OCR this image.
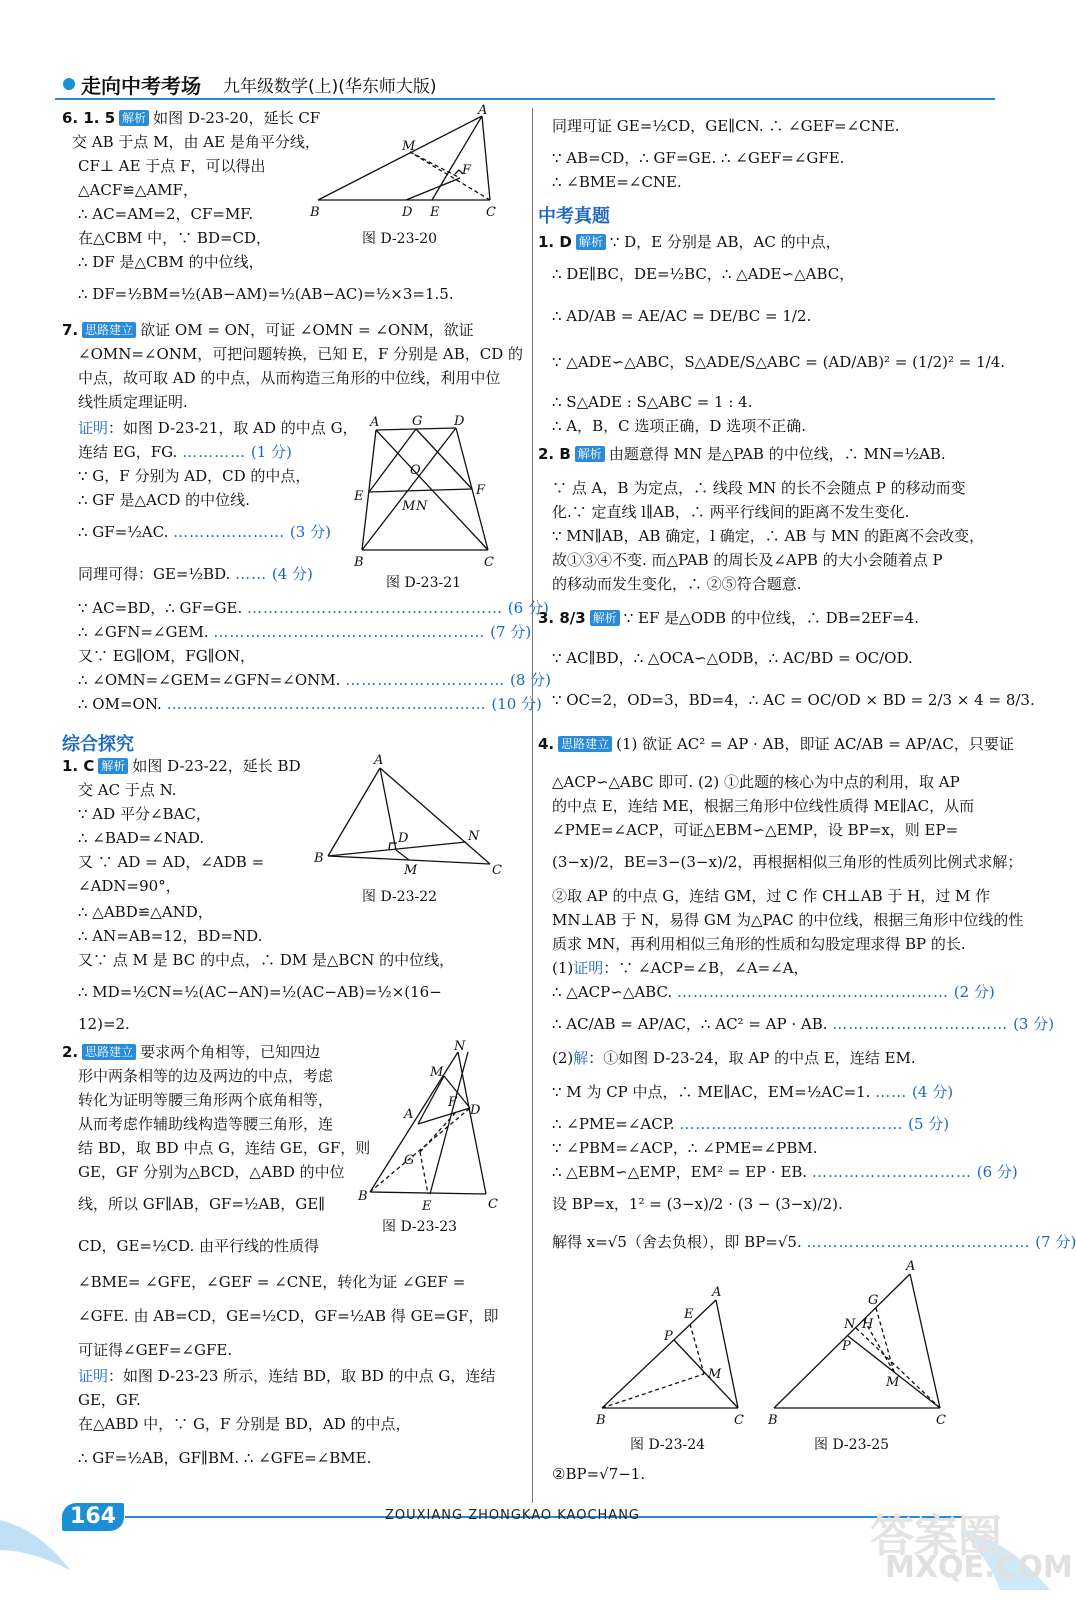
走向中考考场 九年级数学(上)(华东师大版)
6. 1. 5 解析 如图 D-23-20，延长 CF
交 AB 于点 M，由 AE 是角平分线，
CF⊥ AE 于点 F，可以得出
△ACF≌△AMF，
∴ AC=AM=2，CF=MF.
在△CBM 中，∵ BD=CD，
∴ DF 是△CBM 的中位线，
∴ DF=½BM=½(AB−AM)=½(AB−AC)=½×3=1.5.
B	D E	C
A
M
F
图 D-23-20
7. 思路建立 欲证 OM = ON，可证 ∠OMN = ∠ONM，欲证
∠OMN=∠ONM，可把问题转换，已知 E，F 分别是 AB，CD 的
中点，故可取 AD 的中点，从而构造三角形的中位线，利用中位
线性质定理证明.
证明：如图 D-23-21，取 AD 的中点 G，
连结 EG，FG. ………… (1 分)
∵ G，F 分别为 AD，CD 的中点，
∴ GF 是△ACD 的中位线.
∴ GF=½AC. ………………… (3 分)
同理可得：GE=½BD. …… (4 分)
A	G D
E	F
O
M N
B	C
图 D-23-21
∵ AC=BD，∴ GF=GE. ………………………………………… (6 分)
∴ ∠GFN=∠GEM. …………………………………………… (7 分)
又∵ EG∥OM，FG∥ON，
∴ ∠OMN=∠GEM=∠GFN=∠ONM. ………………………… (8 分)
∴ OM=ON. …………………………………………………… (10 分)
综合探究
1. C 解析 如图 D-23-22，延长 BD
交 AC 于点 N.
∵ AD 平分∠BAC，
∴ ∠BAD=∠NAD.
又 ∵ AD = AD，∠ADB =
∠ADN=90°，
A
B
C
D	N
M
图 D-23-22
∴ △ABD≌△AND，
∴ AN=AB=12，BD=ND.
又∵ 点 M 是 BC 的中点，∴ DM 是△BCN 的中位线，
∴ MD=½CN=½(AC−AN)=½(AC−AB)=½×(16−
12)=2.
2. 思路建立 要求两个角相等，已知四边
形中两条相等的边及两边的中点，考虑
转化为证明等腰三角形两个底角相等，
从而考虑作辅助线构造等腰三角形，连
结 BD，取 BD 中点 G，连结 GE，GF，则
GE，GF 分别为△BCD，△ABD 的中位
线，所以 GF∥AB，GF=½AB，GE∥
N
M
A	D
F
G
B
E	C
图 D-23-23
CD，GE=½CD. 由平行线的性质得
∠BME= ∠GFE，∠GEF = ∠CNE，转化为证 ∠GEF =
∠GFE. 由 AB=CD，GE=½CD，GF=½AB 得 GE=GF，即
可证得∠GEF=∠GFE.
证明：如图 D-23-23 所示，连结 BD，取 BD 的中点 G，连结
GE，GF.
在△ABD 中，∵ G，F 分别是 BD，AD 的中点，
∴ GF=½AB，GF∥BM. ∴ ∠GFE=∠BME.
同理可证 GE=½CD，GE∥CN. ∴ ∠GEF=∠CNE.
∵ AB=CD，∴ GF=GE. ∴ ∠GEF=∠GFE.
∴ ∠BME=∠CNE.
中考真题
1. D 解析 ∵ D，E 分别是 AB，AC 的中点，
∴ DE∥BC，DE=½BC，∴ △ADE∽△ABC，
∴ AD/AB = AE/AC = DE/BC = 1/2.
∵ △ADE∽△ABC，S△ADE/S△ABC = (AD/AB)² = (1/2)² = 1/4.
∴ S△ADE : S△ABC = 1 : 4.
∴ A，B，C 选项正确，D 选项不正确.
2. B 解析 由题意得 MN 是△PAB 的中位线，∴ MN=½AB.
∵ 点 A，B 为定点，∴ 线段 MN 的长不会随点 P 的移动而变
化.∵ 定直线 l∥AB，∴ 两平行线间的距离不发生变化.
∵ MN∥AB，AB 确定，l 确定，∴ AB 与 MN 的距离不会改变，
故①③④不变. 而△PAB 的周长及∠APB 的大小会随着点 P
的移动而发生变化，∴ ②⑤符合题意.
3. 8/3 解析 ∵ EF 是△ODB 的中位线，∴ DB=2EF=4.
∵ AC∥BD，∴ △OCA∽△ODB，∴ AC/BD = OC/OD.
∵ OC=2，OD=3，BD=4，∴ AC = OC/OD × BD = 2/3 × 4 = 8/3.
4. 思路建立 (1) 欲证 AC² = AP · AB，即证 AC/AB = AP/AC，只要证
△ACP∽△ABC 即可. (2) ①此题的核心为中点的利用，取 AP
的中点 E，连结 ME，根据三角形中位线性质得 ME∥AC，从而
∠PME=∠ACP，可证△EBM∽△EMP，设 BP=x，则 EP=
(3−x)/2，BE=3−(3−x)/2，再根据相似三角形的性质列比例式求解；
②取 AP 的中点 G，连结 GM，过 C 作 CH⊥AB 于 H，过 M 作
MN⊥AB 于 N，易得 GM 为△PAC 的中位线，根据三角形中位线的性
质求 MN，再利用相似三角形的性质和勾股定理求得 BP 的长.
(1)证明：∵ ∠ACP=∠B，∠A=∠A，
∴ △ACP∽△ABC. …………………………………………… (2 分)
∴ AC/AB = AP/AC，∴ AC² = AP · AB. …………………………… (3 分)
(2)解：①如图 D-23-24，取 AP 的中点 E，连结 EM.
∵ M 为 CP 中点，∴ ME∥AC，EM=½AC=1. …… (4 分)
∴ ∠PME=∠ACP. …………………………………… (5 分)
∵ ∠PBM=∠ACP，∴ ∠PME=∠PBM.
∴ △EBM∽△EMP，EM² = EP · EB. ………………………… (6 分)
设 BP=x，1² = (3−x)/2 · (3 − (3−x)/2).
解得 x=√5（舍去负根），即 BP=√5. …………………………………… (7 分)
A
E
P
M
B	C
图 D-23-24
A
G
N H
P
M
B	C
图 D-23-25
②BP=√7−1.
164	ZOUXIANG ZHONGKAO KAOCHANG	答案圈
MXQE.COM
